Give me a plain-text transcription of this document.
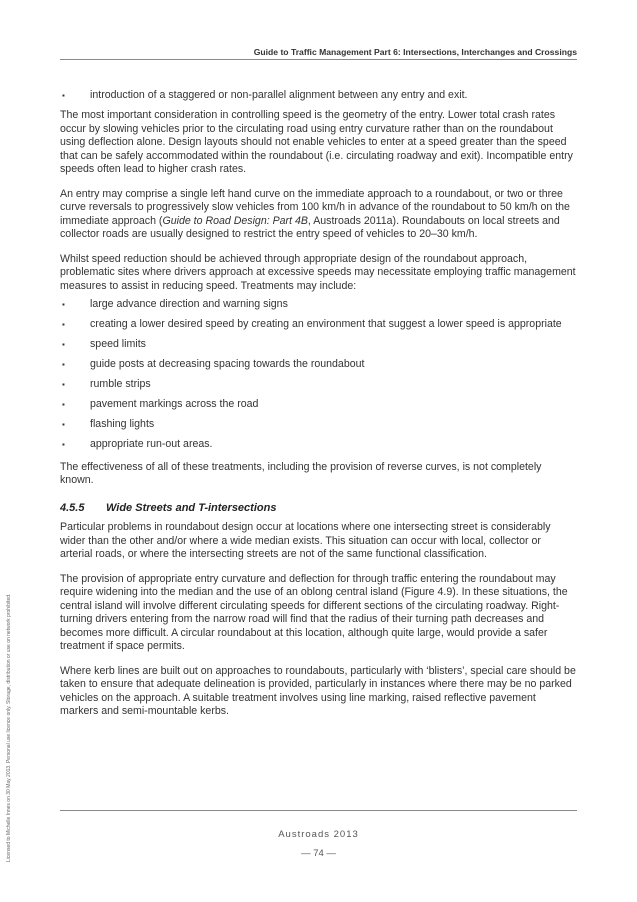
Guide to Traffic Management Part 6: Intersections, Interchanges and Crossings
▪ introduction of a staggered or non-parallel alignment between any entry and exit.

The most important consideration in controlling speed is the geometry of the entry. Lower total crash rates occur by slowing vehicles prior to the circulating road using entry curvature rather than on the roundabout using deflection alone. Design layouts should not enable vehicles to enter at a speed greater than the speed that can be safely accommodated within the roundabout (i.e. circulating roadway and exit). Incompatible entry speeds often lead to higher crash rates.

An entry may comprise a single left hand curve on the immediate approach to a roundabout, or two or three curve reversals to progressively slow vehicles from 100 km/h in advance of the roundabout to 50 km/h on the immediate approach (Guide to Road Design: Part 4B, Austroads 2011a). Roundabouts on local streets and collector roads are usually designed to restrict the entry speed of vehicles to 20–30 km/h.

Whilst speed reduction should be achieved through appropriate design of the roundabout approach, problematic sites where drivers approach at excessive speeds may necessitate employing traffic management measures to assist in reducing speed. Treatments may include:

▪ large advance direction and warning signs
▪ creating a lower desired speed by creating an environment that suggest a lower speed is appropriate
▪ speed limits
▪ guide posts at decreasing spacing towards the roundabout
▪ rumble strips
▪ pavement markings across the road
▪ flashing lights
▪ appropriate run-out areas.

The effectiveness of all of these treatments, including the provision of reverse curves, is not completely known.

4.5.5 Wide Streets and T-intersections

Particular problems in roundabout design occur at locations where one intersecting street is considerably wider than the other and/or where a wide median exists. This situation can occur with local, collector or arterial roads, or where the intersecting streets are not of the same functional classification.

The provision of appropriate entry curvature and deflection for through traffic entering the roundabout may require widening into the median and the use of an oblong central island (Figure 4.9). In these situations, the central island will involve different circulating speeds for different sections of the circulating roadway. Right-turning drivers entering from the narrow road will find that the radius of their turning path decreases and becomes more difficult. A circular roundabout at this location, although quite large, would provide a safer treatment if space permits.

Where kerb lines are built out on approaches to roundabouts, particularly with ‘blisters’, special care should be taken to ensure that adequate delineation is provided, particularly in instances where there may be no parked vehicles on the approach. A suitable treatment involves using line marking, raised reflective pavement markers and semi-mountable kerbs.

Austroads 2013
— 74 —
Licensed to Michelle Innes on 30 May 2013. Personal use licence only. Storage, distribution or use on network prohibited.
